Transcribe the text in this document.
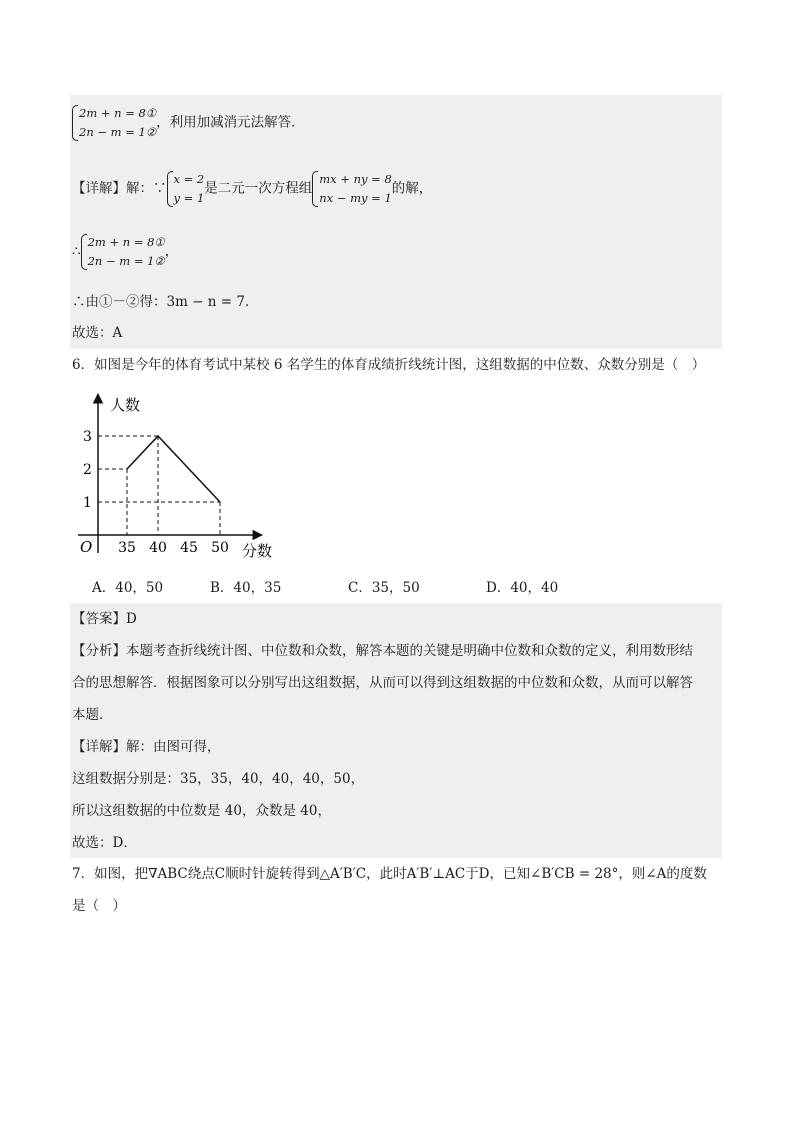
2m + n = 8①
2n − m = 1②
，利用加减消元法解答．
【详解】解：∵
x = 2
y = 1
是二元一次方程组
mx + ny = 8
nx − my = 1
的解，
∴
2m + n = 8①
2n − m = 1②
，
∴由①－②得：3m − n = 7．
故选：A
6．如图是今年的体育考试中某校 6 名学生的体育成绩折线统计图，这组数据的中位数、众数分别是（　）
1
2
3
35 40 45 50
O	分数
人数
A．40，50	B．40，35	C．35，50	D．40，40
【答案】D
【分析】本题考查折线统计图、中位数和众数，解答本题的关键是明确中位数和众数的定义，利用数形结
合的思想解答．根据图象可以分别写出这组数据，从而可以得到这组数据的中位数和众数，从而可以解答
本题．
【详解】解：由图可得，
这组数据分别是：35，35，40，40，40，50，
所以这组数据的中位数是 40，众数是 40，
故选：D．
7．如图，把∇ABC绕点C顺时针旋转得到△A′B′C，此时A′B′⊥AC于D，已知∠B′CB = 28°，则∠A的度数
是（　）
